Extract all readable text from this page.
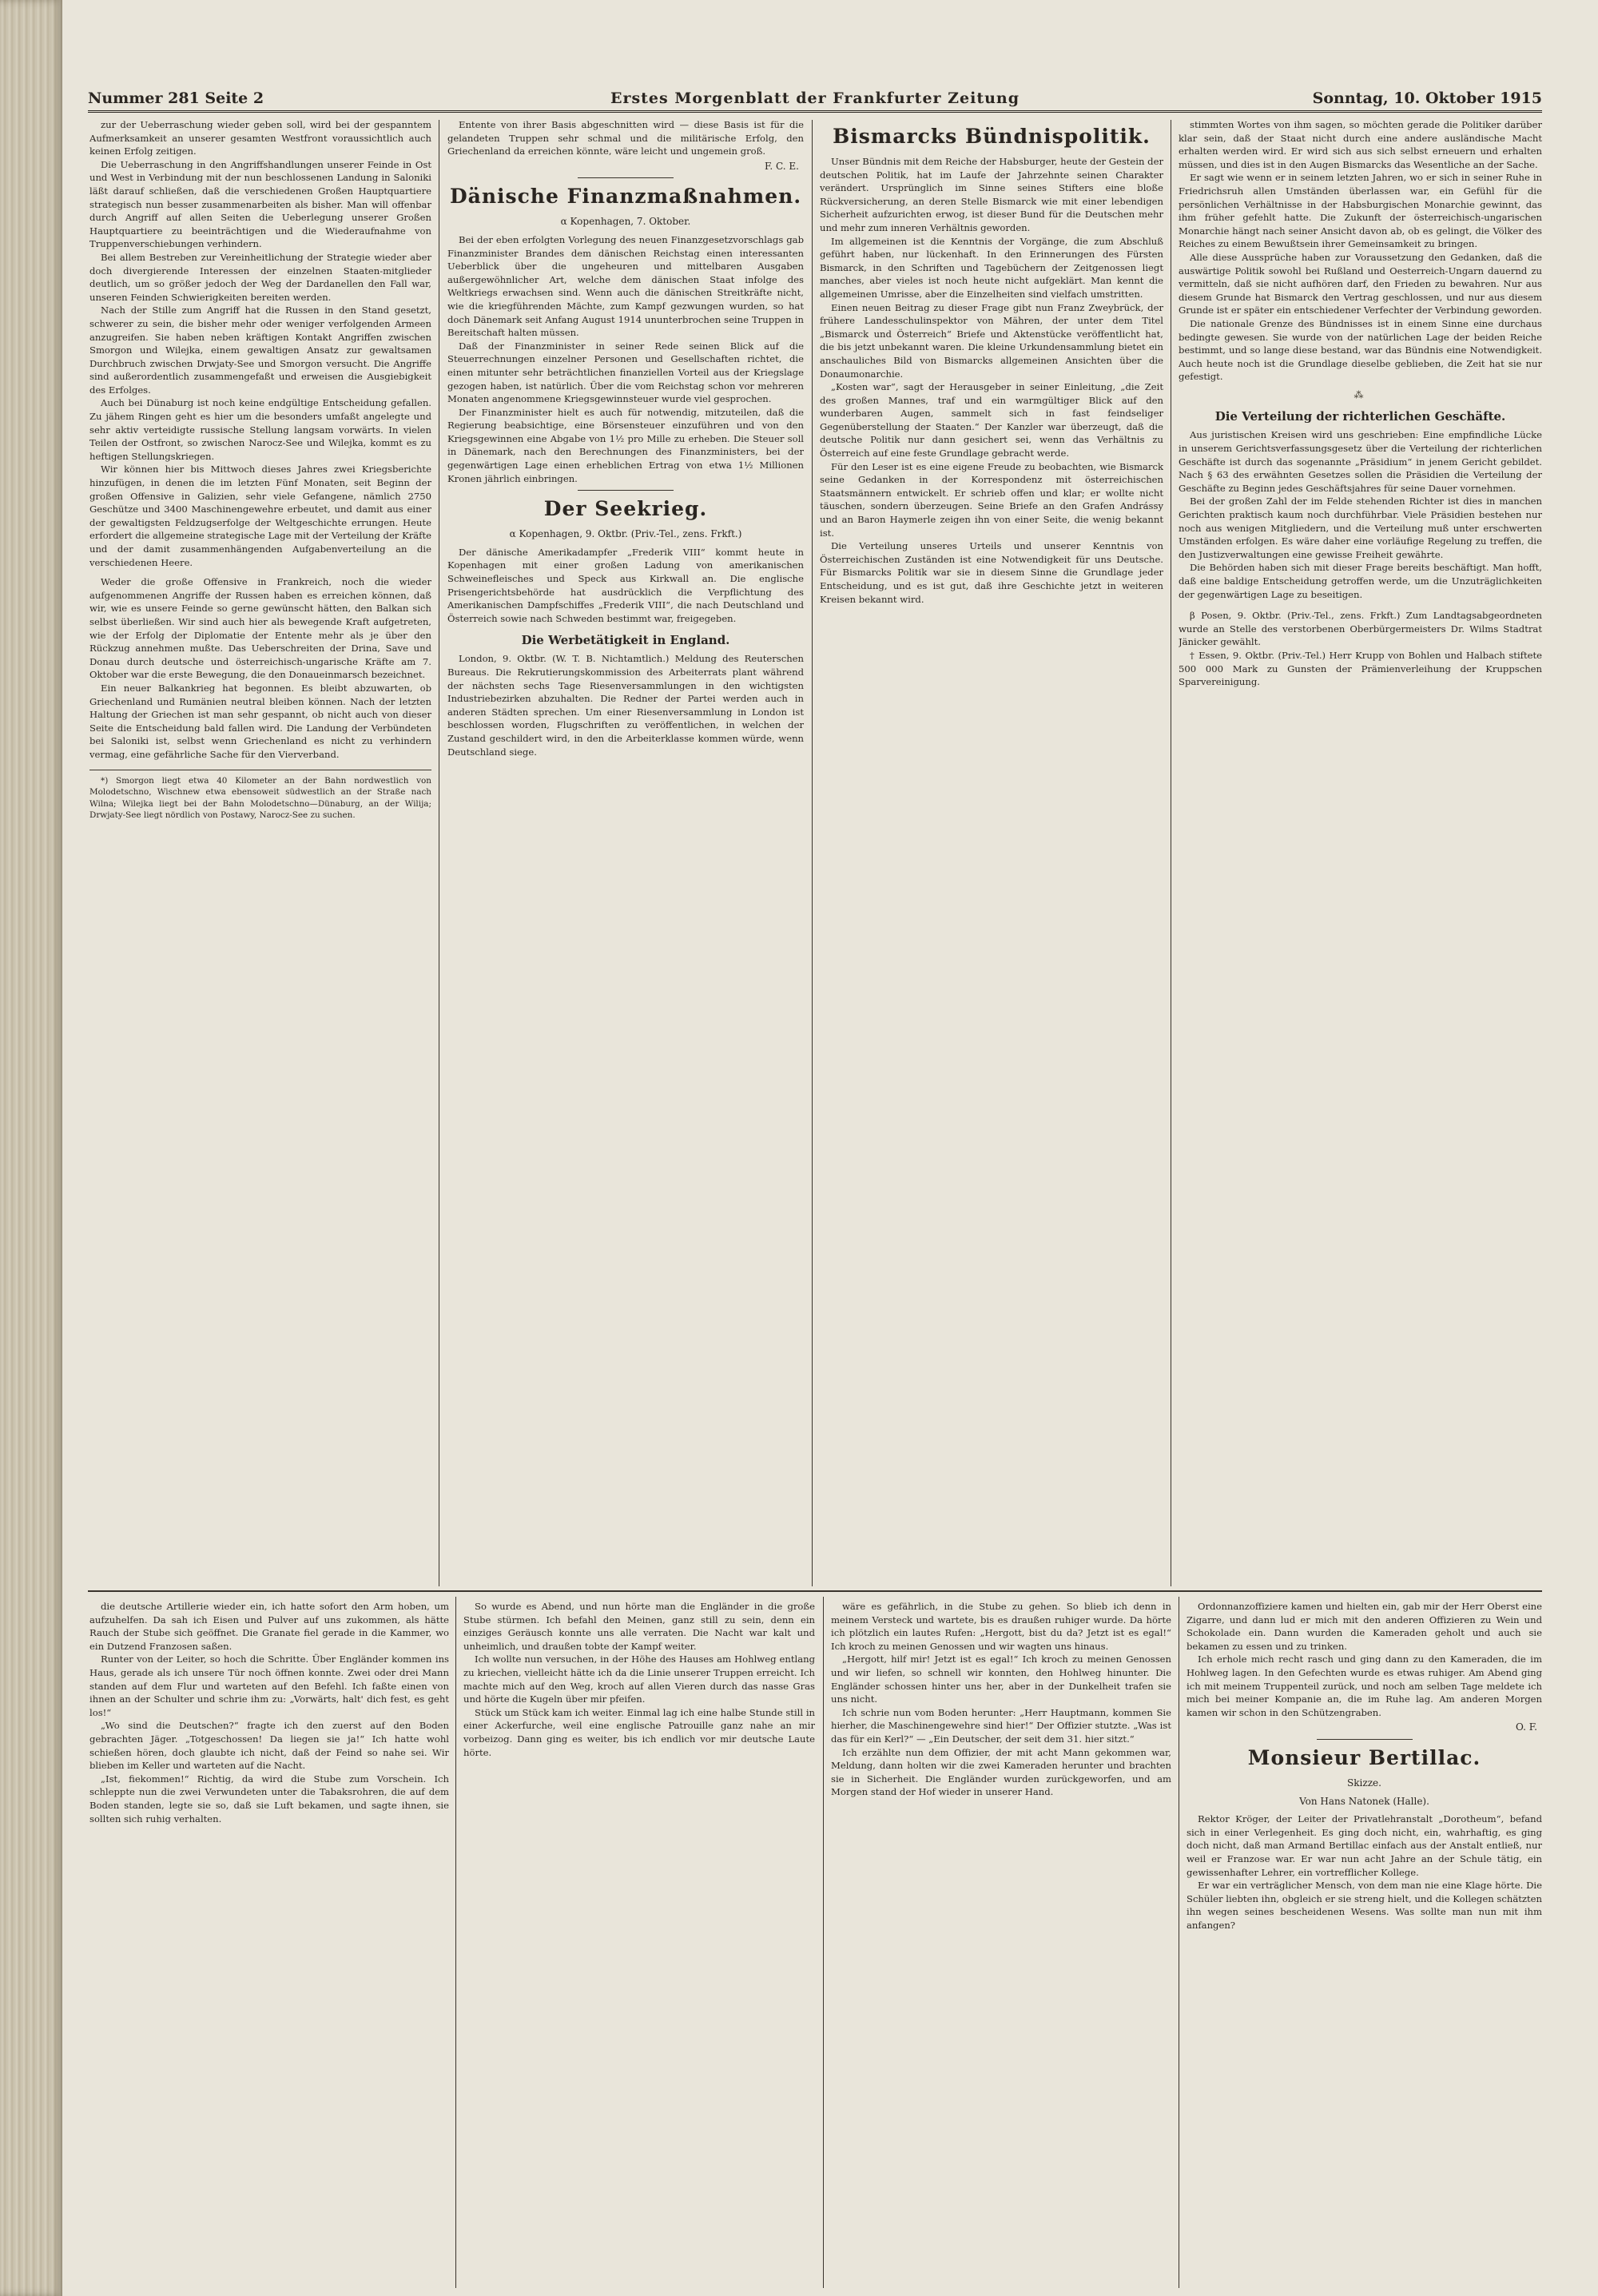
Nummer 281 Seite 2	Erstes Morgenblatt der Frankfurter Zeitung	Sonntag, 10. Oktober 1915

zur der Ueberraschung wieder geben soll, wird bei der gespanntem Aufmerksamkeit an unserer gesamten Westfront voraussichtlich auch keinen Erfolg zeitigen.

Die Ueberraschung in den Angriffshandlungen unserer Feinde in Ost und West in Verbindung mit der nun beschlossenen Landung in Saloniki läßt darauf schließen, daß die verschiedenen Großen Hauptquartiere strategisch nun besser zusammenarbeiten als bisher. Man will offenbar durch Angriff auf allen Seiten die Ueberlegung unserer Großen Hauptquartiere zu beeinträchtigen und die Wiederaufnahme von Truppenverschiebungen verhindern.

Bei allem Bestreben zur Vereinheitlichung der Strategie wieder aber doch divergierende Interessen der einzelnen Staaten-mitglieder deutlich, um so größer jedoch der Weg der Dardanellen den Fall war, unseren Feinden Schwierigkeiten bereiten werden.

Nach der Stille zum Angriff hat die Russen in den Stand gesetzt, schwerer zu sein, die bisher mehr oder weniger verfolgenden Armeen anzugreifen. Sie haben neben kräftigen Kontakt Angriffen zwischen Smorgon und Wilejka, einem gewaltigen Ansatz zur gewaltsamen Durchbruch zwischen Drwjaty-See und Smorgon versucht. Die Angriffe sind außerordentlich zusammengefaßt und erweisen die Ausgiebigkeit des Erfolges.

Auch bei Dünaburg ist noch keine endgültige Entscheidung gefallen. Zu jähem Ringen geht es hier um die besonders umfaßt angelegte und sehr aktiv verteidigte russische Stellung langsam vorwärts. In vielen Teilen der Ostfront, so zwischen Narocz-See und Wilejka, kommt es zu heftigen Stellungskriegen.

Wir können hier bis Mittwoch dieses Jahres zwei Kriegsberichte hinzufügen, in denen die im letzten Fünf Monaten, seit Beginn der großen Offensive in Galizien, sehr viele Gefangene, nämlich 2750 Geschütze und 3400 Maschinengewehre erbeutet, und damit aus einer der gewaltigsten Feldzugserfolge der Weltgeschichte errungen. Heute erfordert die allgemeine strategische Lage mit der Verteilung der Kräfte und der damit zusammenhängenden Aufgabenverteilung an die verschiedenen Heere.

Weder die große Offensive in Frankreich, noch die wieder aufgenommenen Angriffe der Russen haben es erreichen können, daß wir, wie es unsere Feinde so gerne gewünscht hätten, den Balkan sich selbst überließen. Wir sind auch hier als bewegende Kraft aufgetreten, wie der Erfolg der Diplomatie der Entente mehr als je über den Rückzug annehmen mußte. Das Ueberschreiten der Drina, Save und Donau durch deutsche und österreichisch-ungarische Kräfte am 7. Oktober war die erste Bewegung, die den Donaueinmarsch bezeichnet.

Ein neuer Balkankrieg hat begonnen. Es bleibt abzuwarten, ob Griechenland und Rumänien neutral bleiben können. Nach der letzten Haltung der Griechen ist man sehr gespannt, ob nicht auch von dieser Seite die Entscheidung bald fallen wird. Die Landung der Verbündeten bei Saloniki ist, selbst wenn Griechenland es nicht zu verhindern vermag, eine gefährliche Sache für den Vierverband.

*) Smorgon liegt etwa 40 Kilometer an der Bahn nordwestlich von Molodetschno, Wischnew etwa ebensoweit südwestlich an der Straße nach Wilna; Wilejka liegt bei der Bahn Molodetschno—Dünaburg, an der Wilija; Drwjaty-See liegt nördlich von Postawy, Narocz-See zu suchen.

Entente von ihrer Basis abgeschnitten wird — diese Basis ist für die gelandeten Truppen sehr schmal und die militärische Erfolg, den Griechenland da erreichen könnte, wäre leicht und ungemein groß.

F. C. E.
Dänische Finanzmaßnahmen.
α Kopenhagen, 7. Oktober.

Bei der eben erfolgten Vorlegung des neuen Finanzgesetzvorschlags gab Finanzminister Brandes dem dänischen Reichstag einen interessanten Ueberblick über die ungeheuren und mittelbaren Ausgaben außergewöhnlicher Art, welche dem dänischen Staat infolge des Weltkriegs erwachsen sind. Wenn auch die dänischen Streitkräfte nicht, wie die kriegführenden Mächte, zum Kampf gezwungen wurden, so hat doch Dänemark seit Anfang August 1914 ununterbrochen seine Truppen in Bereitschaft halten müssen.

Daß der Finanzminister in seiner Rede seinen Blick auf die Steuerrechnungen einzelner Personen und Gesellschaften richtet, die einen mitunter sehr beträchtlichen finanziellen Vorteil aus der Kriegslage gezogen haben, ist natürlich. Über die vom Reichstag schon vor mehreren Monaten angenommene Kriegsgewinnsteuer wurde viel gesprochen.

Der Finanzminister hielt es auch für notwendig, mitzuteilen, daß die Regierung beabsichtige, eine Börsensteuer einzuführen und von den Kriegsgewinnen eine Abgabe von 1½ pro Mille zu erheben. Die Steuer soll in Dänemark, nach den Berechnungen des Finanzministers, bei der gegenwärtigen Lage einen erheblichen Ertrag von etwa 1½ Millionen Kronen jährlich einbringen.

Der Seekrieg.
α Kopenhagen, 9. Oktbr. (Priv.-Tel., zens. Frkft.)

Der dänische Amerikadampfer „Frederik VIII“ kommt heute in Kopenhagen mit einer großen Ladung von amerikanischen Schweinefleisches und Speck aus Kirkwall an. Die englische Prisengerichtsbehörde hat ausdrücklich die Verpflichtung des Amerikanischen Dampfschiffes „Frederik VIII“, die nach Deutschland und Österreich sowie nach Schweden bestimmt war, freigegeben.

Die Werbetätigkeit in England.

London, 9. Oktbr. (W. T. B. Nichtamtlich.) Meldung des Reuterschen Bureaus. Die Rekrutierungskommission des Arbeiterrats plant während der nächsten sechs Tage Riesenversammlungen in den wichtigsten Industriebezirken abzuhalten. Die Redner der Partei werden auch in anderen Städten sprechen. Um einer Riesenversammlung in London ist beschlossen worden, Flugschriften zu veröffentlichen, in welchen der Zustand geschildert wird, in den die Arbeiterklasse kommen würde, wenn Deutschland siege.

Bismarcks Bündnispolitik.

Unser Bündnis mit dem Reiche der Habsburger, heute der Gestein der deutschen Politik, hat im Laufe der Jahrzehnte seinen Charakter verändert. Ursprünglich im Sinne seines Stifters eine bloße Rückversicherung, an deren Stelle Bismarck wie mit einer lebendigen Sicherheit aufzurichten erwog, ist dieser Bund für die Deutschen mehr und mehr zum inneren Verhältnis geworden.

Im allgemeinen ist die Kenntnis der Vorgänge, die zum Abschluß geführt haben, nur lückenhaft. In den Erinnerungen des Fürsten Bismarck, in den Schriften und Tagebüchern der Zeitgenossen liegt manches, aber vieles ist noch heute nicht aufgeklärt. Man kennt die allgemeinen Umrisse, aber die Einzelheiten sind vielfach umstritten.

Einen neuen Beitrag zu dieser Frage gibt nun Franz Zweybrück, der frühere Landesschulinspektor von Mähren, der unter dem Titel „Bismarck und Österreich“ Briefe und Aktenstücke veröffentlicht hat, die bis jetzt unbekannt waren. Die kleine Urkundensammlung bietet ein anschauliches Bild von Bismarcks allgemeinen Ansichten über die Donaumonarchie.

„Kosten war“, sagt der Herausgeber in seiner Einleitung, „die Zeit des großen Mannes, traf und ein warmgültiger Blick auf den wunderbaren Augen, sammelt sich in fast feindseliger Gegenüberstellung der Staaten.“ Der Kanzler war überzeugt, daß die deutsche Politik nur dann gesichert sei, wenn das Verhältnis zu Österreich auf eine feste Grundlage gebracht werde.

Für den Leser ist es eine eigene Freude zu beobachten, wie Bismarck seine Gedanken in der Korrespondenz mit österreichischen Staatsmännern entwickelt. Er schrieb offen und klar; er wollte nicht täuschen, sondern überzeugen. Seine Briefe an den Grafen Andrássy und an Baron Haymerle zeigen ihn von einer Seite, die wenig bekannt ist.

Die Verteilung unseres Urteils und unserer Kenntnis von Österreichischen Zuständen ist eine Notwendigkeit für uns Deutsche. Für Bismarcks Politik war sie in diesem Sinne die Grundlage jeder Entscheidung, und es ist gut, daß ihre Geschichte jetzt in weiteren Kreisen bekannt wird.

stimmten Wortes von ihm sagen, so möchten gerade die Politiker darüber klar sein, daß der Staat nicht durch eine andere ausländische Macht erhalten werden wird. Er wird sich aus sich selbst erneuern und erhalten müssen, und dies ist in den Augen Bismarcks das Wesentliche an der Sache.

Er sagt wie wenn er in seinem letzten Jahren, wo er sich in seiner Ruhe in Friedrichsruh allen Umständen überlassen war, ein Gefühl für die persönlichen Verhältnisse in der Habsburgischen Monarchie gewinnt, das ihm früher gefehlt hatte. Die Zukunft der österreichisch-ungarischen Monarchie hängt nach seiner Ansicht davon ab, ob es gelingt, die Völker des Reiches zu einem Bewußtsein ihrer Gemeinsamkeit zu bringen.

Alle diese Aussprüche haben zur Voraussetzung den Gedanken, daß die auswärtige Politik sowohl bei Rußland und Oesterreich-Ungarn dauernd zu vermitteln, daß sie nicht aufhören darf, den Frieden zu bewahren. Nur aus diesem Grunde hat Bismarck den Vertrag geschlossen, und nur aus diesem Grunde ist er später ein entschiedener Verfechter der Verbindung geworden.

Die nationale Grenze des Bündnisses ist in einem Sinne eine durchaus bedingte gewesen. Sie wurde von der natürlichen Lage der beiden Reiche bestimmt, und so lange diese bestand, war das Bündnis eine Notwendigkeit. Auch heute noch ist die Grundlage dieselbe geblieben, die Zeit hat sie nur gefestigt.

⁂
Die Verteilung der richterlichen Geschäfte.

Aus juristischen Kreisen wird uns geschrieben: Eine empfindliche Lücke in unserem Gerichtsverfassungsgesetz über die Verteilung der richterlichen Geschäfte ist durch das sogenannte „Präsidium“ in jenem Gericht gebildet. Nach § 63 des erwähnten Gesetzes sollen die Präsidien die Verteilung der Geschäfte zu Beginn jedes Geschäftsjahres für seine Dauer vornehmen.

Bei der großen Zahl der im Felde stehenden Richter ist dies in manchen Gerichten praktisch kaum noch durchführbar. Viele Präsidien bestehen nur noch aus wenigen Mitgliedern, und die Verteilung muß unter erschwerten Umständen erfolgen. Es wäre daher eine vorläufige Regelung zu treffen, die den Justizverwaltungen eine gewisse Freiheit gewährte.

Die Behörden haben sich mit dieser Frage bereits beschäftigt. Man hofft, daß eine baldige Entscheidung getroffen werde, um die Unzuträglichkeiten der gegenwärtigen Lage zu beseitigen.

β Posen, 9. Oktbr. (Priv.-Tel., zens. Frkft.) Zum Landtagsabgeordneten wurde an Stelle des verstorbenen Oberbürgermeisters Dr. Wilms Stadtrat Jänicker gewählt.

† Essen, 9. Oktbr. (Priv.-Tel.) Herr Krupp von Bohlen und Halbach stiftete 500 000 Mark zu Gunsten der Prämienverleihung der Kruppschen Sparvereinigung.

die deutsche Artillerie wieder ein, ich hatte sofort den Arm hoben, um aufzuhelfen. Da sah ich Eisen und Pulver auf uns zukommen, als hätte Rauch der Stube sich geöffnet. Die Granate fiel gerade in die Kammer, wo ein Dutzend Franzosen saßen.

Runter von der Leiter, so hoch die Schritte. Über Engländer kommen ins Haus, gerade als ich unsere Tür noch öffnen konnte. Zwei oder drei Mann standen auf dem Flur und warteten auf den Befehl. Ich faßte einen von ihnen an der Schulter und schrie ihm zu: „Vorwärts, halt' dich fest, es geht los!“

„Wo sind die Deutschen?“ fragte ich den zuerst auf den Boden gebrachten Jäger. „Totgeschossen! Da liegen sie ja!“ Ich hatte wohl schießen hören, doch glaubte ich nicht, daß der Feind so nahe sei. Wir blieben im Keller und warteten auf die Nacht.

„Ist, fiekommen!“ Richtig, da wird die Stube zum Vorschein. Ich schleppte nun die zwei Verwundeten unter die Tabaksrohren, die auf dem Boden standen, legte sie so, daß sie Luft bekamen, und sagte ihnen, sie sollten sich ruhig verhalten.

So wurde es Abend, und nun hörte man die Engländer in die große Stube stürmen. Ich befahl den Meinen, ganz still zu sein, denn ein einziges Geräusch konnte uns alle verraten. Die Nacht war kalt und unheimlich, und draußen tobte der Kampf weiter.

Ich wollte nun versuchen, in der Höhe des Hauses am Hohlweg entlang zu kriechen, vielleicht hätte ich da die Linie unserer Truppen erreicht. Ich machte mich auf den Weg, kroch auf allen Vieren durch das nasse Gras und hörte die Kugeln über mir pfeifen.

Stück um Stück kam ich weiter. Einmal lag ich eine halbe Stunde still in einer Ackerfurche, weil eine englische Patrouille ganz nahe an mir vorbeizog. Dann ging es weiter, bis ich endlich vor mir deutsche Laute hörte.

wäre es gefährlich, in die Stube zu gehen. So blieb ich denn in meinem Versteck und wartete, bis es draußen ruhiger wurde. Da hörte ich plötzlich ein lautes Rufen: „Hergott, bist du da? Jetzt ist es egal!“ Ich kroch zu meinen Genossen und wir wagten uns hinaus.

„Hergott, hilf mir! Jetzt ist es egal!“ Ich kroch zu meinen Genossen und wir liefen, so schnell wir konnten, den Hohlweg hinunter. Die Engländer schossen hinter uns her, aber in der Dunkelheit trafen sie uns nicht.

Ich schrie nun vom Boden herunter: „Herr Hauptmann, kommen Sie hierher, die Maschinengewehre sind hier!“ Der Offizier stutzte. „Was ist das für ein Kerl?“ — „Ein Deutscher, der seit dem 31. hier sitzt.“

Ich erzählte nun dem Offizier, der mit acht Mann gekommen war, Meldung, dann holten wir die zwei Kameraden herunter und brachten sie in Sicherheit. Die Engländer wurden zurückgeworfen, und am Morgen stand der Hof wieder in unserer Hand.

Ordonnanzoffiziere kamen und hielten ein, gab mir der Herr Oberst eine Zigarre, und dann lud er mich mit den anderen Offizieren zu Wein und Schokolade ein. Dann wurden die Kameraden geholt und auch sie bekamen zu essen und zu trinken.

Ich erhole mich recht rasch und ging dann zu den Kameraden, die im Hohlweg lagen. In den Gefechten wurde es etwas ruhiger. Am Abend ging ich mit meinem Truppenteil zurück, und noch am selben Tage meldete ich mich bei meiner Kompanie an, die im Ruhe lag. Am anderen Morgen kamen wir schon in den Schützengraben.

O. F.
Monsieur Bertillac.
Skizze.
Von Hans Natonek (Halle).

Rektor Kröger, der Leiter der Privatlehranstalt „Dorotheum“, befand sich in einer Verlegenheit. Es ging doch nicht, ein, wahrhaftig, es ging doch nicht, daß man Armand Bertillac einfach aus der Anstalt entließ, nur weil er Franzose war. Er war nun acht Jahre an der Schule tätig, ein gewissenhafter Lehrer, ein vortrefflicher Kollege.

Er war ein verträglicher Mensch, von dem man nie eine Klage hörte. Die Schüler liebten ihn, obgleich er sie streng hielt, und die Kollegen schätzten ihn wegen seines bescheidenen Wesens. Was sollte man nun mit ihm anfangen?
